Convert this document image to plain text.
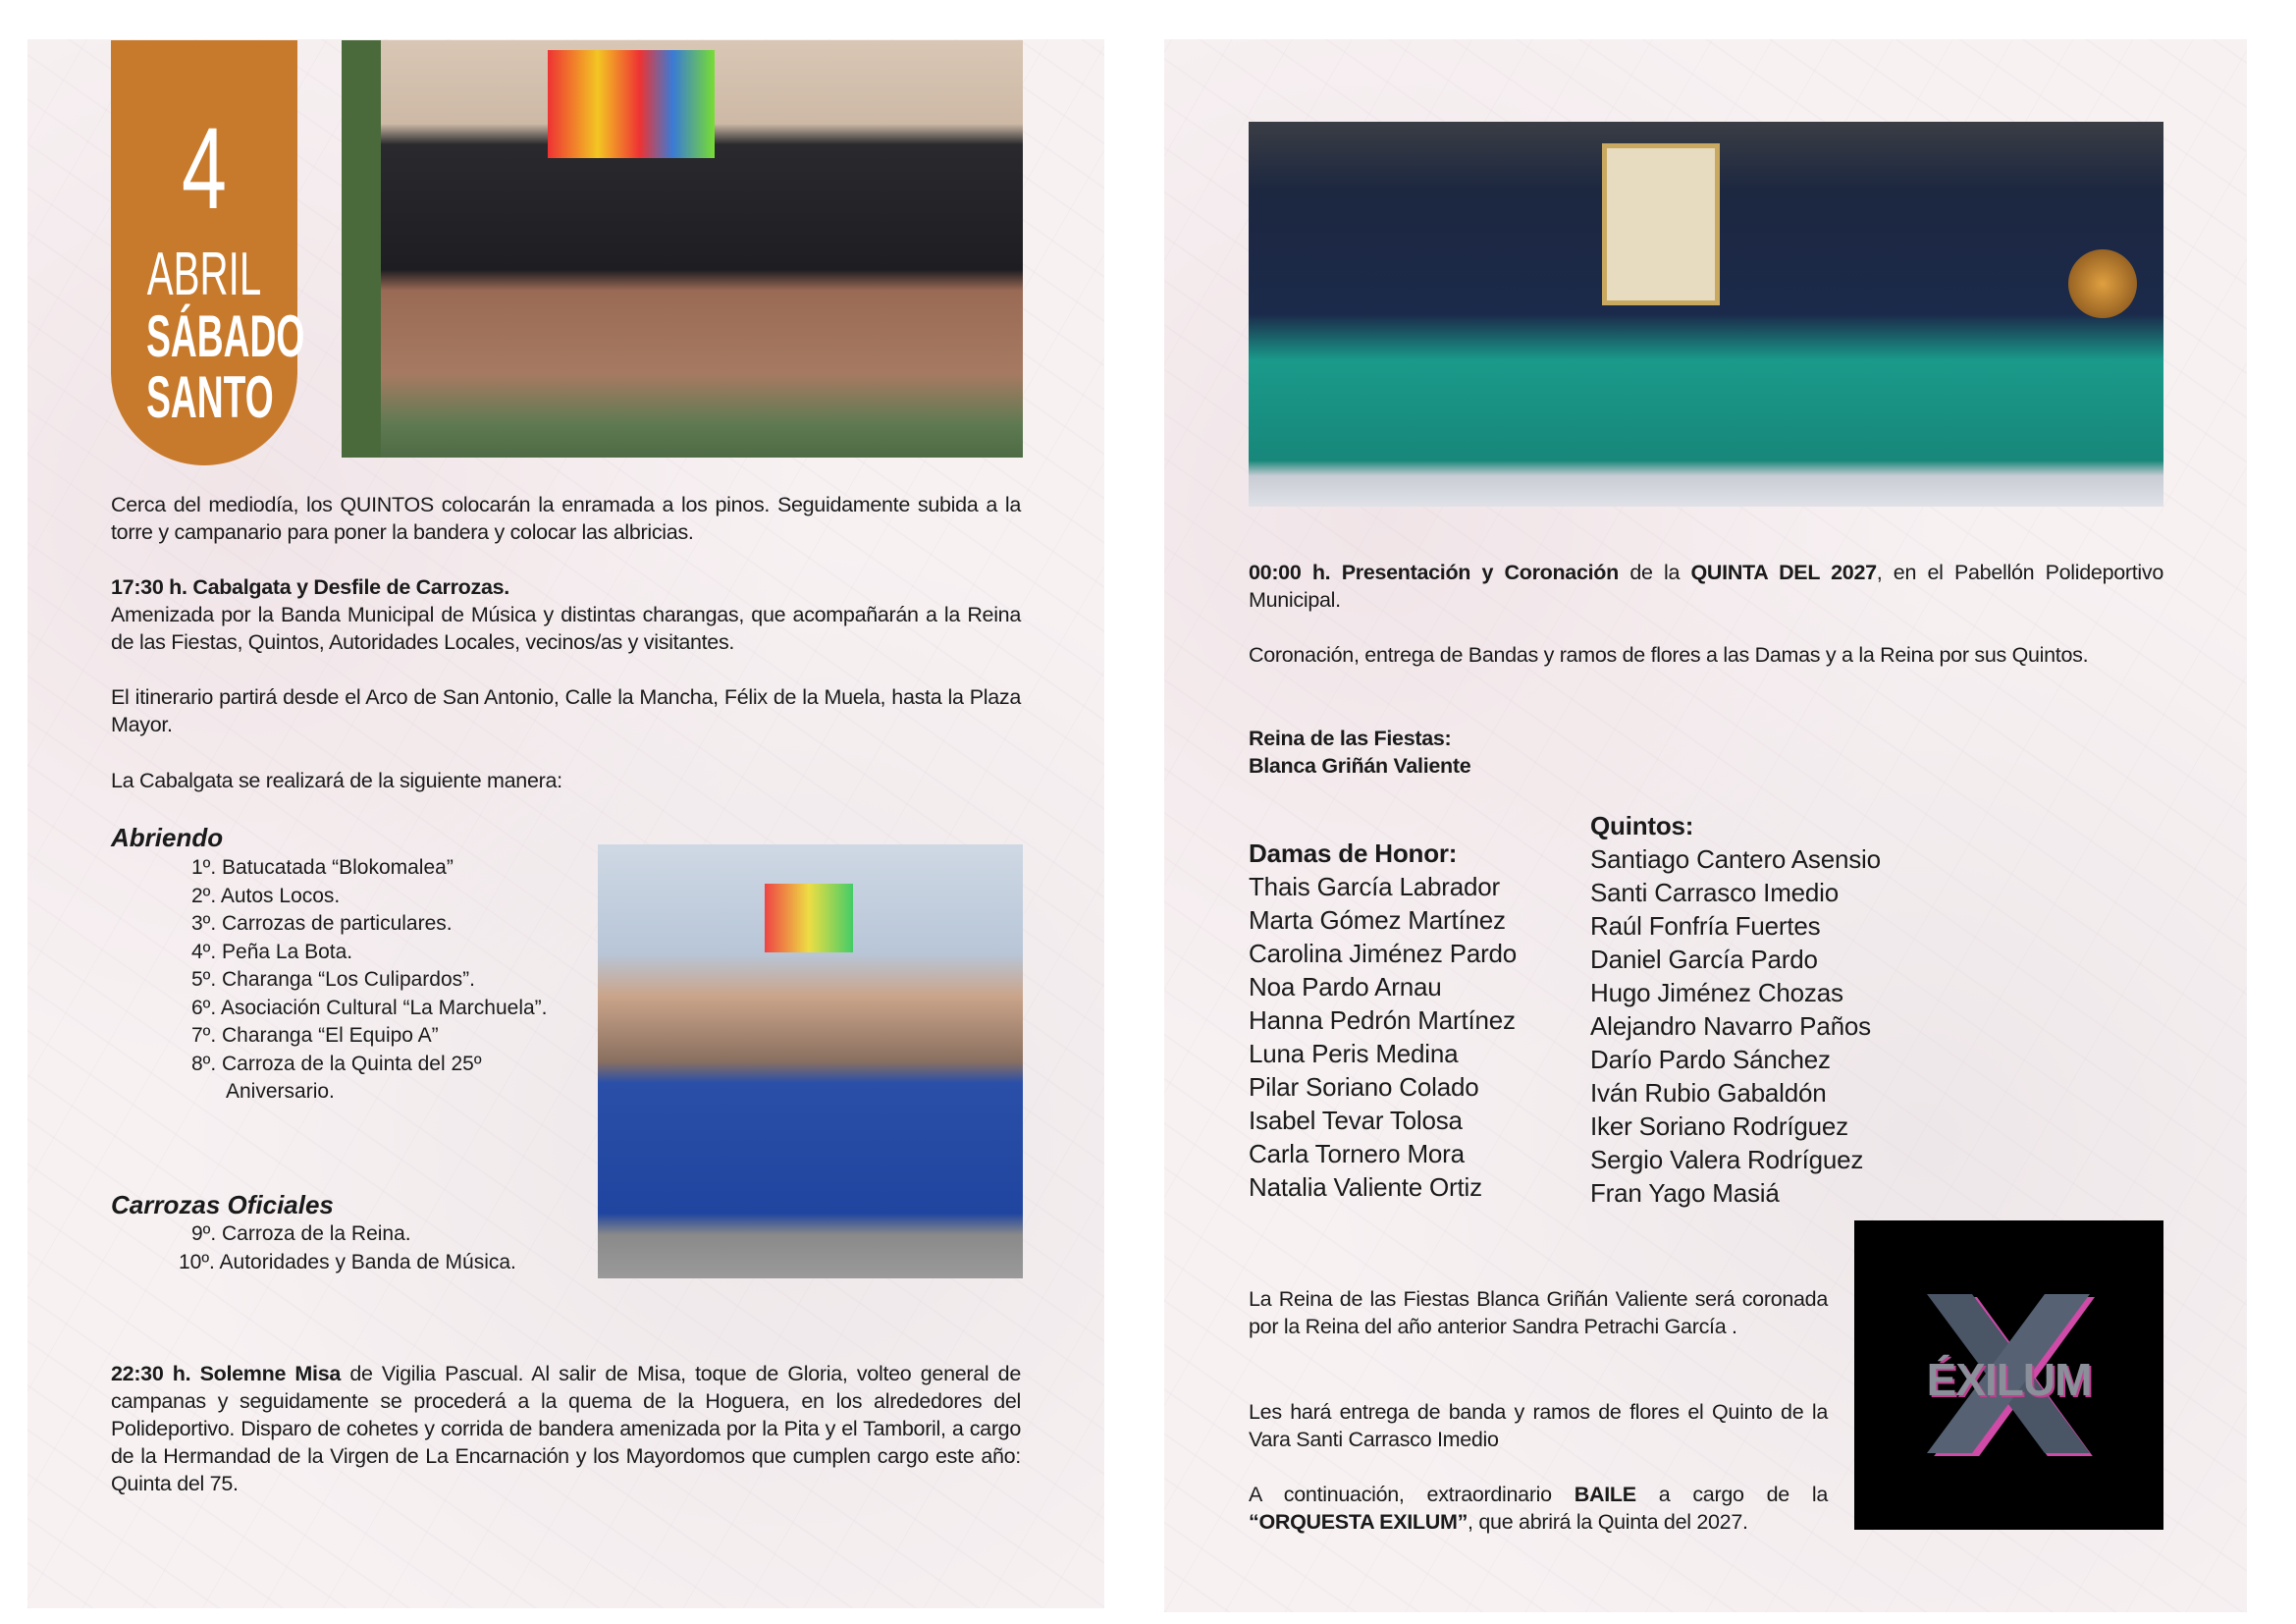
4
ABRIL
SÁBADO
SANTO
Cerca del mediodía, los QUINTOS colocarán la enramada a los pinos. Seguidamente subida a la torre y campanario para poner la bandera y colocar las albricias.
17:30 h. Cabalgata y Desfile de Carrozas.
Amenizada por la Banda Municipal de Música y distintas charangas, que acompañarán a la Reina de las Fiestas, Quintos, Autoridades Locales, vecinos/as y visitantes.
El itinerario partirá desde el Arco de San Antonio, Calle la Mancha, Félix de la Muela, hasta la Plaza Mayor.
La Cabalgata se realizará de la siguiente manera:
Abriendo
1º. Batucatada “Blokomalea”
2º. Autos Locos.
3º. Carrozas de particulares.
4º. Peña La Bota.
5º. Charanga “Los Culipardos”.
6º. Asociación Cultural “La Marchuela”.
7º. Charanga “El Equipo A”
8º. Carroza de la Quinta del 25º Aniversario.
Carrozas Oficiales
9º. Carroza de la Reina.
10º. Autoridades y Banda de Música.
22:30 h. Solemne Misa de Vigilia Pascual. Al salir de Misa, toque de Gloria, volteo general de campanas y seguidamente se procederá a la quema de la Hoguera, en los alrededores del Polideportivo. Disparo de cohetes y corrida de bandera amenizada por la Pita y el Tamboril, a cargo de la Hermandad de la Virgen de La Encarnación y los Mayordomos que cumplen cargo este año: Quinta del 75.
00:00 h. Presentación y Coronación de la QUINTA DEL 2027, en el Pabellón Polideportivo Municipal.
Coronación, entrega de Bandas y ramos de flores a las Damas y a la Reina por sus Quintos.
Reina de las Fiestas:
Blanca Griñán Valiente
Damas de Honor:
Thais García Labrador
Marta Gómez Martínez
Carolina Jiménez Pardo
Noa Pardo Arnau
Hanna Pedrón Martínez
Luna Peris Medina
Pilar Soriano Colado
Isabel Tevar Tolosa
Carla Tornero Mora
Natalia Valiente Ortiz
Quintos:
Santiago Cantero Asensio
Santi Carrasco Imedio
Raúl Fonfría Fuertes
Daniel García Pardo
Hugo Jiménez Chozas
Alejandro Navarro Paños
Darío Pardo Sánchez
Iván Rubio Gabaldón
Iker Soriano Rodríguez
Sergio Valera Rodríguez
Fran Yago Masiá
La Reina de las Fiestas Blanca Griñán Valiente será coronada por la Reina del año anterior Sandra Petrachi García .
Les hará entrega de banda y ramos de flores el Quinto de la Vara Santi Carrasco Imedio
A continuación, extraordinario BAILE a cargo de la “ORQUESTA EXILUM”, que abrirá la Quinta del 2027.
ÉXILUM
